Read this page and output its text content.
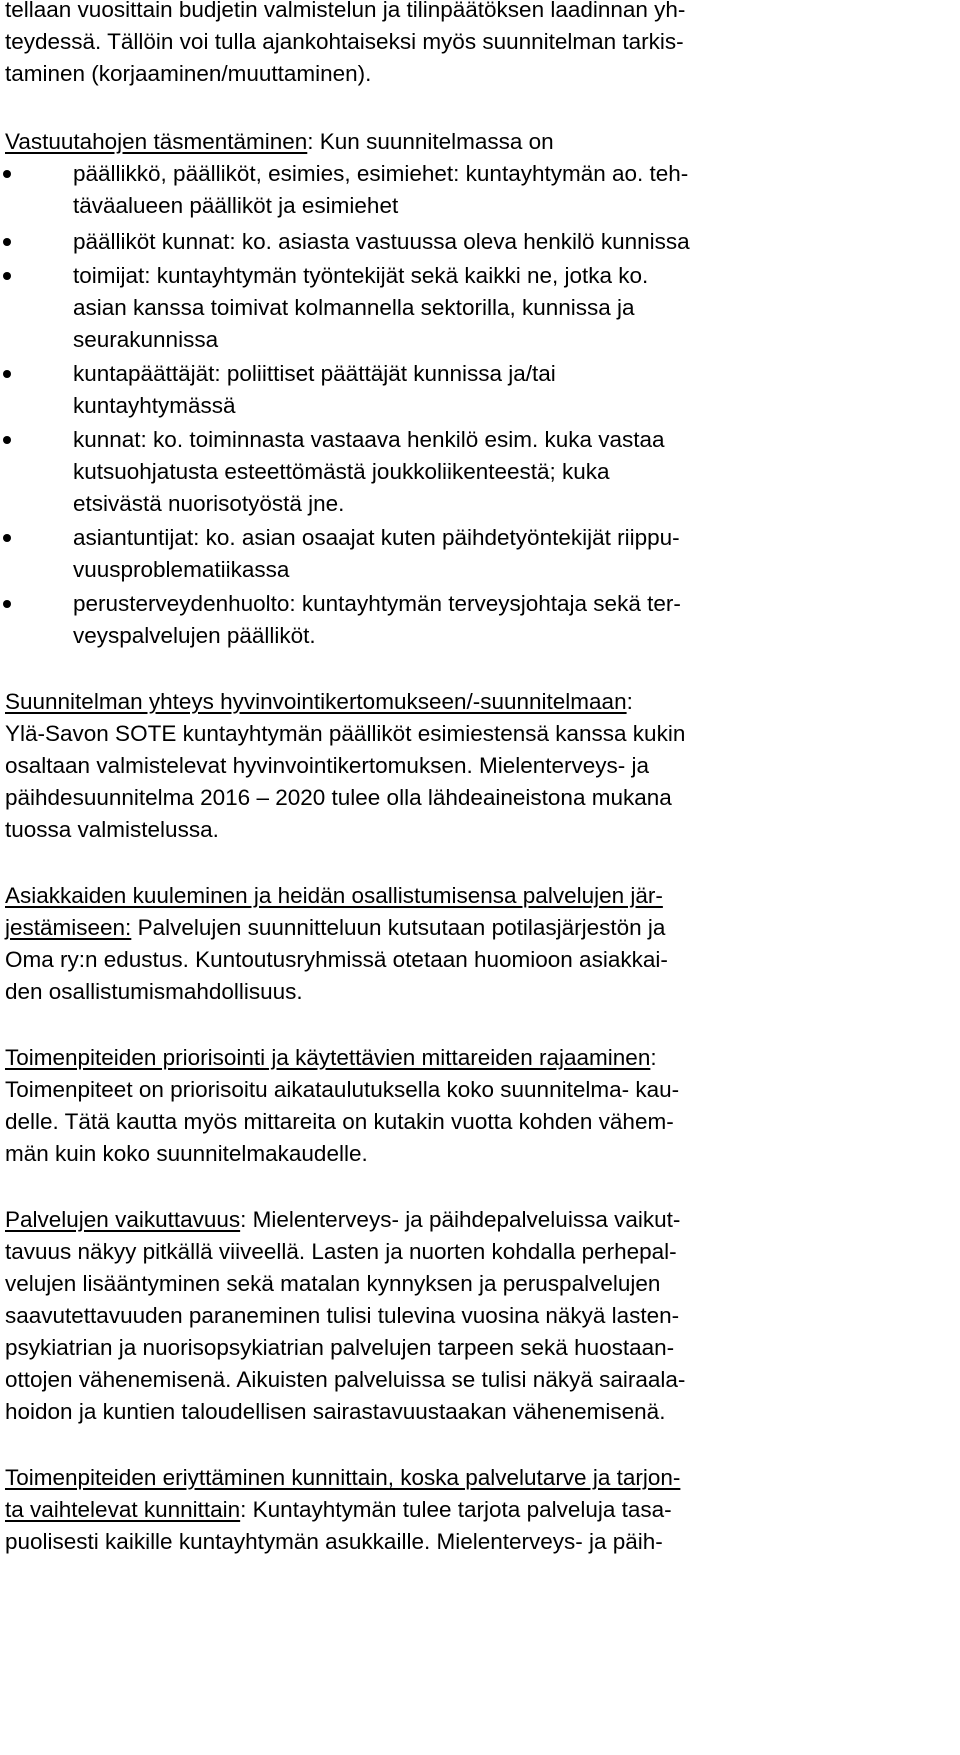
tellaan vuosittain budjetin valmistelun ja tilinpäätöksen laadinnan yh-
teydessä. Tällöin voi tulla ajankohtaiseksi myös suunnitelman tarkis-
taminen (korjaaminen/muuttaminen).
Vastuutahojen täsmentäminen: Kun suunnitelmassa on
päällikkö, päälliköt, esimies, esimiehet: kuntayhtymän ao. teh-
täväalueen päälliköt ja esimiehet
päälliköt kunnat: ko. asiasta vastuussa oleva henkilö kunnissa
toimijat: kuntayhtymän työntekijät sekä kaikki ne, jotka ko.
asian kanssa toimivat kolmannella sektorilla, kunnissa ja
seurakunnissa
kuntapäättäjät: poliittiset päättäjät kunnissa ja/tai
kuntayhtymässä
kunnat: ko. toiminnasta vastaava henkilö esim. kuka vastaa
kutsuohjatusta esteettömästä joukkoliikenteestä; kuka
etsivästä nuorisotyöstä jne.
asiantuntijat: ko. asian osaajat kuten päihdetyöntekijät riippu-
vuusproblematiikassa
perusterveydenhuolto: kuntayhtymän terveysjohtaja sekä ter-
veyspalvelujen päälliköt.
Suunnitelman yhteys hyvinvointikertomukseen/-suunnitelmaan:
Ylä-Savon SOTE kuntayhtymän päälliköt esimiestensä kanssa kukin
osaltaan valmistelevat hyvinvointikertomuksen. Mielenterveys- ja
päihdesuunnitelma 2016 – 2020 tulee olla lähdeaineistona mukana
tuossa valmistelussa.
Asiakkaiden kuuleminen ja heidän osallistumisensa palvelujen jär-
jestämiseen: Palvelujen suunnitteluun kutsutaan potilasjärjestön ja
Oma ry:n edustus. Kuntoutusryhmissä otetaan huomioon asiakkai-
den osallistumismahdollisuus.
Toimenpiteiden priorisointi ja käytettävien mittareiden rajaaminen:
Toimenpiteet on priorisoitu aikataulutuksella koko suunnitelma- kau-
delle. Tätä kautta myös mittareita on kutakin vuotta kohden vähem-
män kuin koko suunnitelmakaudelle.
Palvelujen vaikuttavuus: Mielenterveys- ja päihdepalveluissa vaikut-
tavuus näkyy pitkällä viiveellä. Lasten ja nuorten kohdalla perhepal-
velujen lisääntyminen sekä matalan kynnyksen ja peruspalvelujen
saavutettavuuden paraneminen tulisi tulevina vuosina näkyä lasten-
psykiatrian ja nuorisopsykiatrian palvelujen tarpeen sekä huostaan-
ottojen vähenemisenä. Aikuisten palveluissa se tulisi näkyä sairaala-
hoidon ja kuntien taloudellisen sairastavuustaakan vähenemisenä.
Toimenpiteiden eriyttäminen kunnittain, koska palvelutarve ja tarjon-
ta vaihtelevat kunnittain: Kuntayhtymän tulee tarjota palveluja tasa-
puolisesti kaikille kuntayhtymän asukkaille. Mielenterveys- ja päih-
